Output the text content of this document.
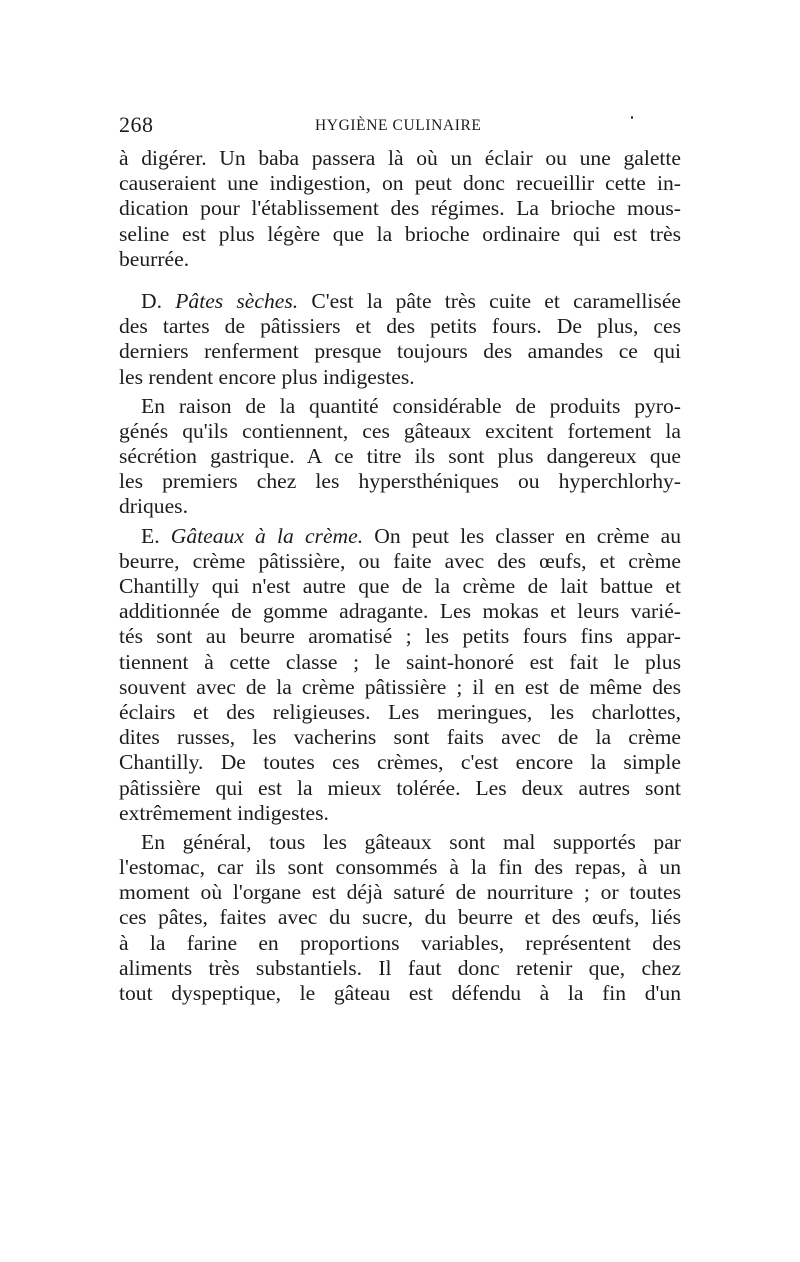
268	HYGIÈNE CULINAIRE
à digérer. Un baba passera là où un éclair ou une galette
causeraient une indigestion, on peut donc recueillir cette in-
dication pour l'établissement des régimes. La brioche mous-
seline est plus légère que la brioche ordinaire qui est très
beurrée.
D. Pâtes sèches. C'est la pâte très cuite et caramellisée
des tartes de pâtissiers et des petits fours. De plus, ces
derniers renferment presque toujours des amandes ce qui
les rendent encore plus indigestes.
En raison de la quantité considérable de produits pyro-
génés qu'ils contiennent, ces gâteaux excitent fortement la
sécrétion gastrique. A ce titre ils sont plus dangereux que
les premiers chez les hypersthéniques ou hyperchlorhy-
driques.
E. Gâteaux à la crème. On peut les classer en crème au
beurre, crème pâtissière, ou faite avec des œufs, et crème
Chantilly qui n'est autre que de la crème de lait battue et
additionnée de gomme adragante. Les mokas et leurs varié-
tés sont au beurre aromatisé ; les petits fours fins appar-
tiennent à cette classe ; le saint-honoré est fait le plus
souvent avec de la crème pâtissière ; il en est de même des
éclairs et des religieuses. Les meringues, les charlottes,
dites russes, les vacherins sont faits avec de la crème
Chantilly. De toutes ces crèmes, c'est encore la simple
pâtissière qui est la mieux tolérée. Les deux autres sont
extrêmement indigestes.
En général, tous les gâteaux sont mal supportés par
l'estomac, car ils sont consommés à la fin des repas, à un
moment où l'organe est déjà saturé de nourriture ; or toutes
ces pâtes, faites avec du sucre, du beurre et des œufs, liés
à la farine en proportions variables, représentent des
aliments très substantiels. Il faut donc retenir que, chez
tout dyspeptique, le gâteau est défendu à la fin d'un
